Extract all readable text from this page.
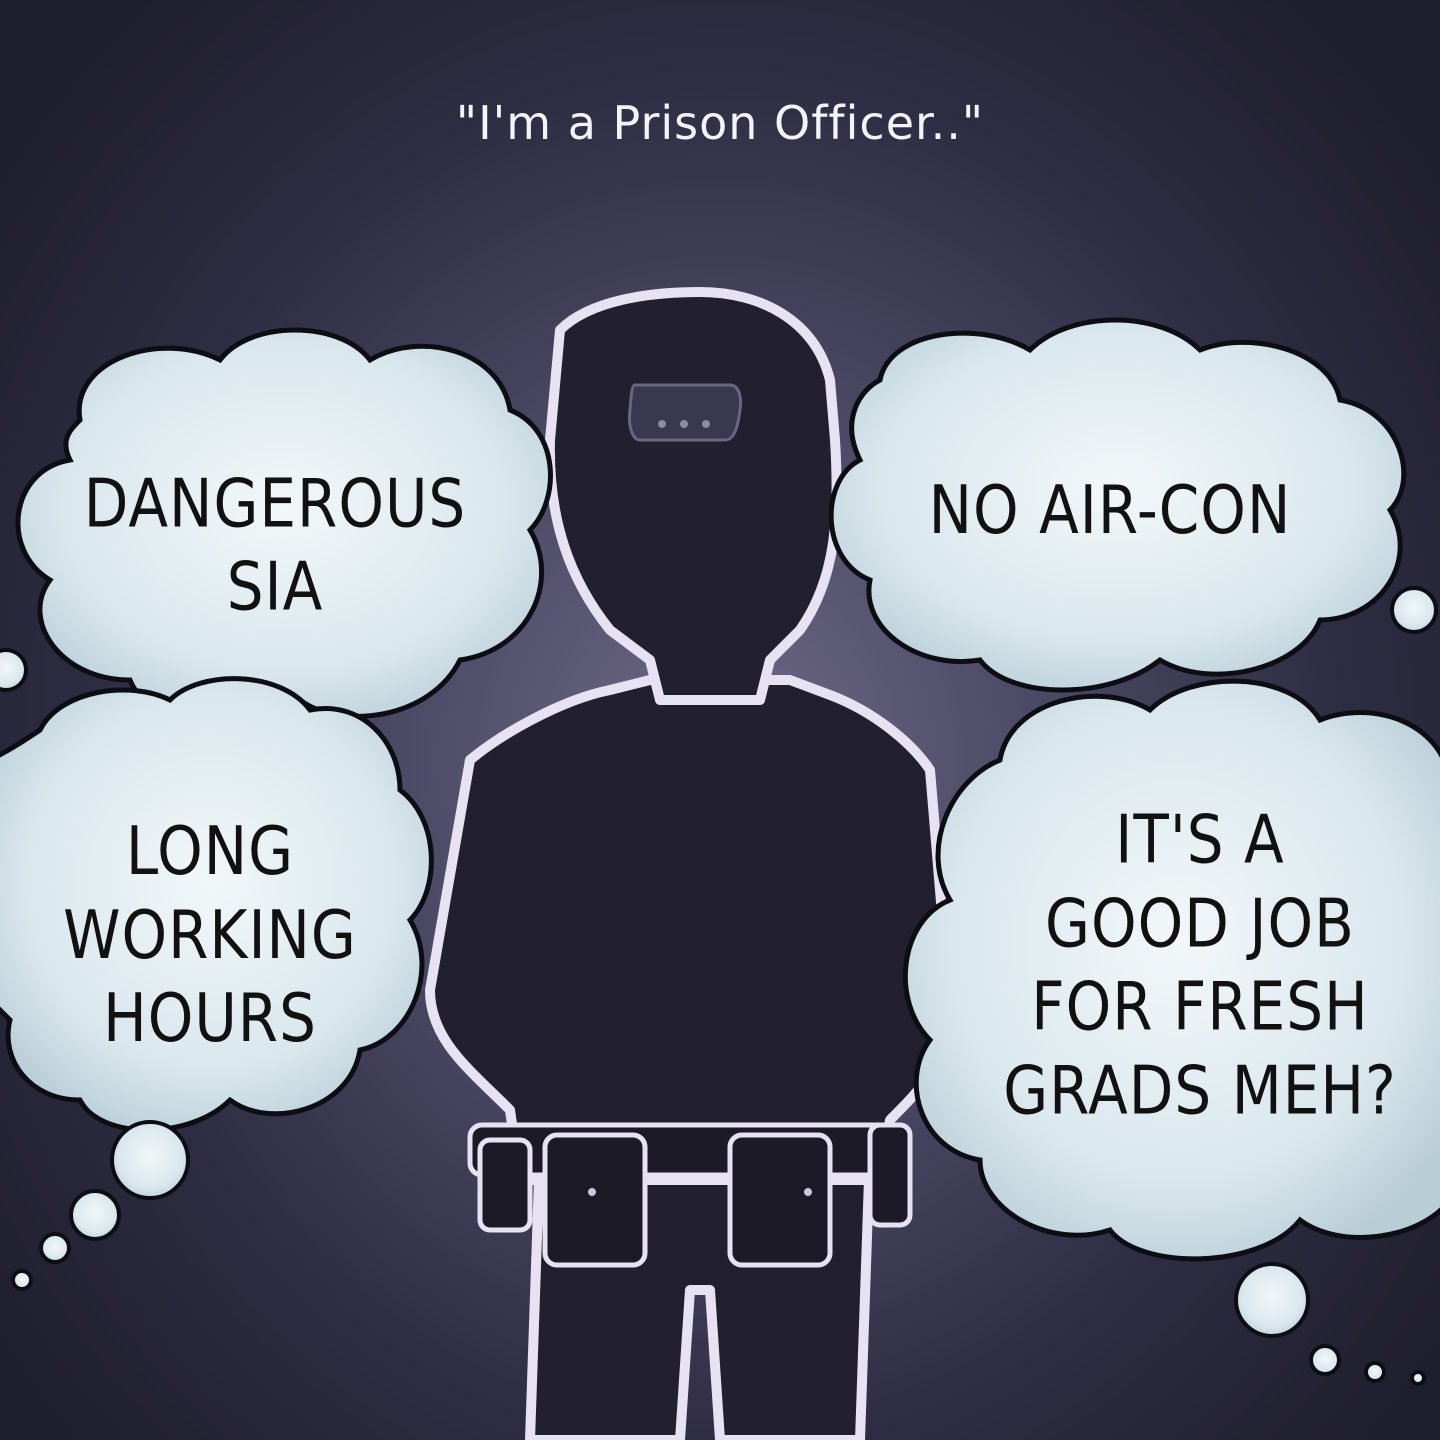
"I'm a Prison Officer.."
DANGEROUS
SIA
NO AIR-CON
LONG
WORKING
HOURS
IT'S A
GOOD JOB
FOR FRESH
GRADS MEH?
